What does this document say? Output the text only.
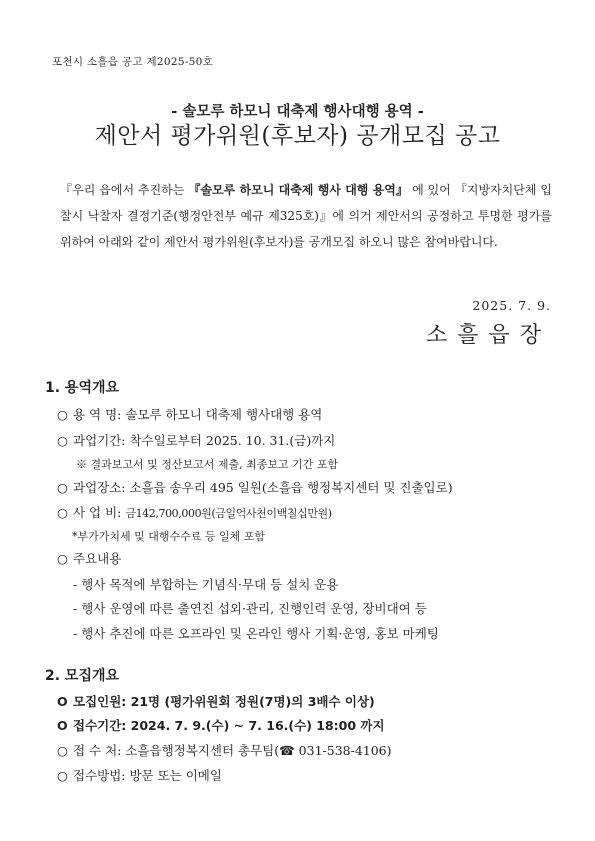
포천시 소흘읍 공고 제2025-50호
- 솔모루 하모니 대축제 행사대행 용역 -
제안서 평가위원(후보자) 공개모집 공고
『우리 읍에서 추진하는 『솔모루 하모니 대축제 행사 대행 용역』 에 있어 『지방자치단체 입찰시 낙찰자 결정기준(행정안전부 예규 제325호)』에 의거 제안서의 공정하고 투명한 평가를 위하여 아래와 같이 제안서 평가위원(후보자)를 공개모집 하오니 많은 참여바랍니다.
2025. 7. 9.
소흘읍장
1. 용역개요
○ 용 역 명: 솔모루 하모니 대축제 행사대행 용역
○ 과업기간: 착수일로부터 2025. 10. 31.(금)까지
※ 결과보고서 및 정산보고서 제출, 최종보고 기간 포함
○ 과업장소: 소흘읍 송우리 495 일원(소흘읍 행정복지센터 및 진출입로)
○ 사 업 비: 금142,700,000원(금일억사천이백칠십만원)
*부가가치세 및 대행수수료 등 일체 포함
○ 주요내용
- 행사 목적에 부합하는 기념식·무대 등 설치 운용
- 행사 운영에 따른 출연진 섭외·관리, 진행인력 운영, 장비대여 등
- 행사 추진에 따른 오프라인 및 온라인 행사 기획·운영, 홍보 마케팅
2. 모집개요
O 모집인원: 21명 (평가위원회 정원(7명)의 3배수 이상)
O 접수기간: 2024. 7. 9.(수) ~ 7. 16.(수) 18:00 까지
○ 접 수 처: 소흘읍행정복지센터 총무팀(☎ 031-538-4106)
○ 접수방법: 방문 또는 이메일
